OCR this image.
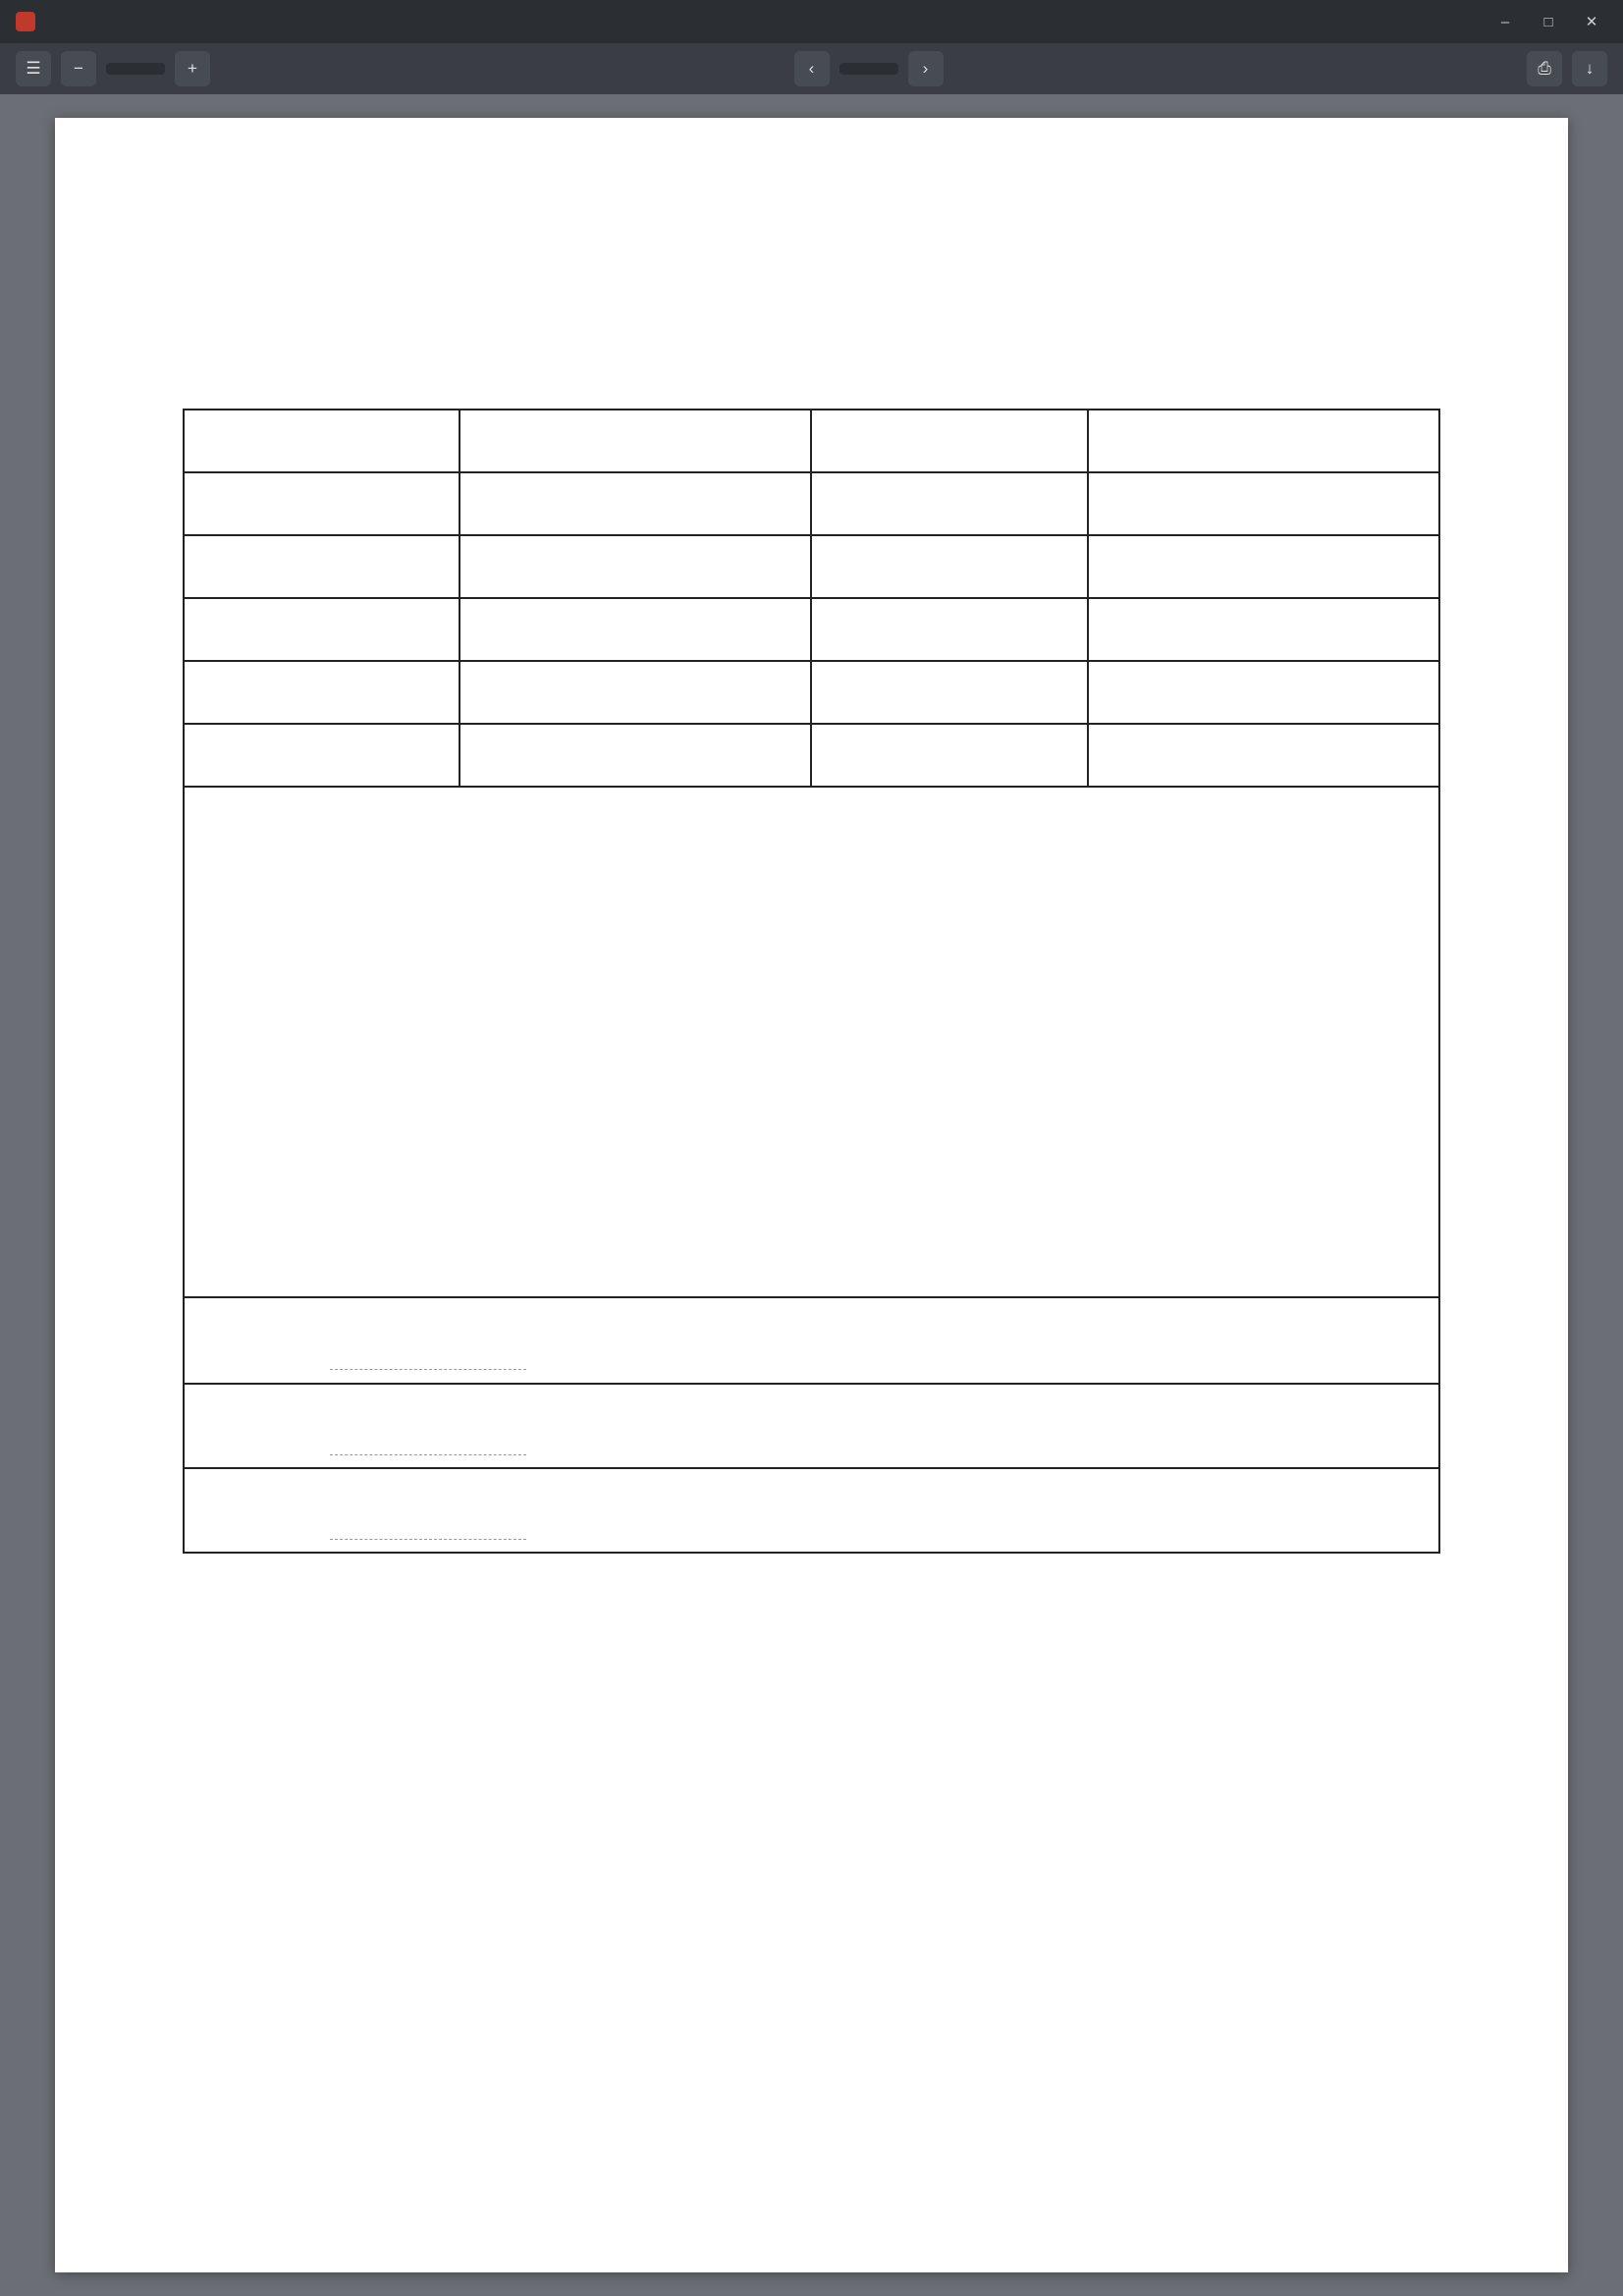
–	□	✕
☰	−	+	‹	›	⎙	↓
